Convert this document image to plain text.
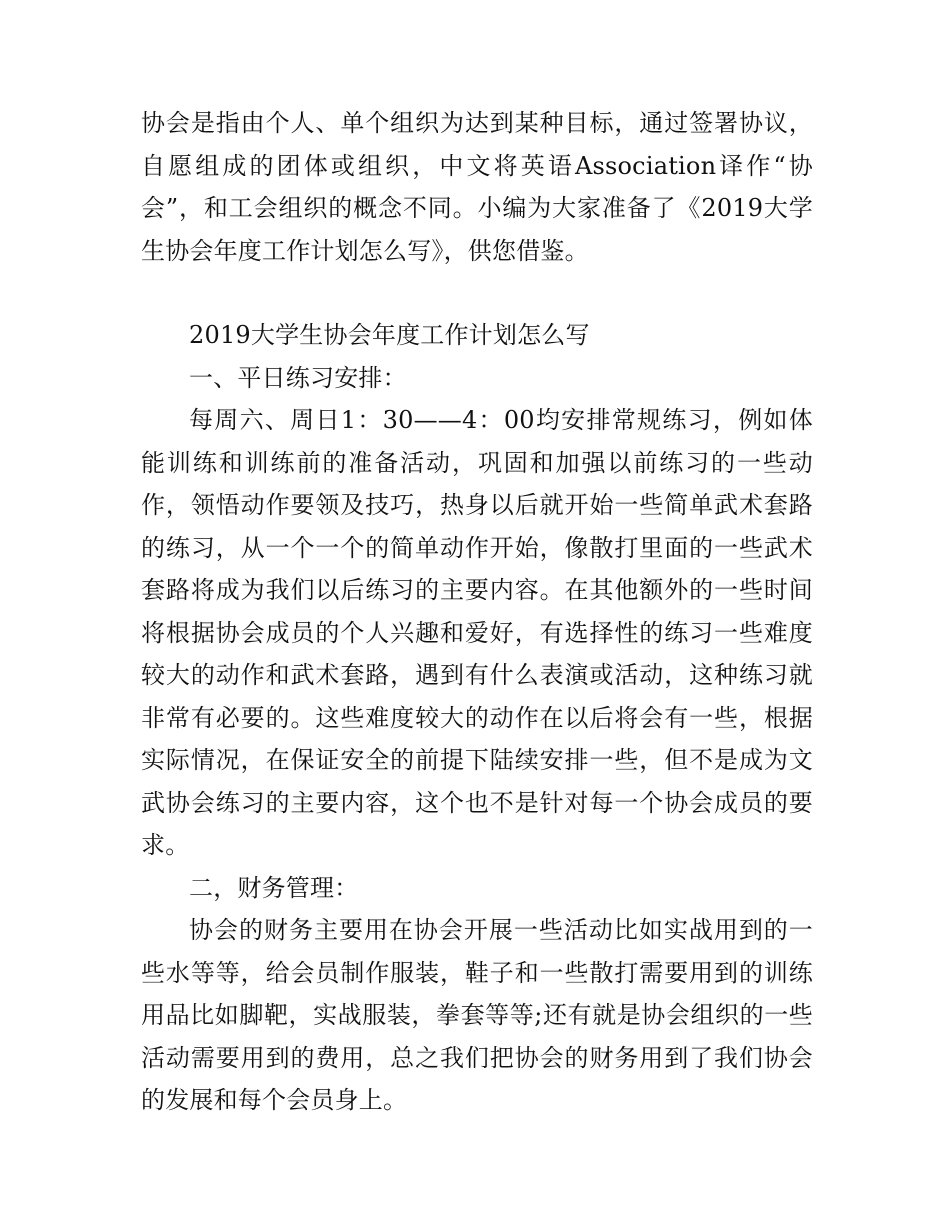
协会是指由个人、单个组织为达到某种目标，通过签署协议，自愿组成的团体或组织，中文将英语Association译作“协会”，和工会组织的概念不同。小编为大家准备了《2019大学生协会年度工作计划怎么写》，供您借鉴。

2019大学生协会年度工作计划怎么写

一、平日练习安排：

每周六、周日1：30——4：00均安排常规练习，例如体能训练和训练前的准备活动，巩固和加强以前练习的一些动作，领悟动作要领及技巧，热身以后就开始一些简单武术套路的练习，从一个一个的简单动作开始，像散打里面的一些武术套路将成为我们以后练习的主要内容。在其他额外的一些时间将根据协会成员的个人兴趣和爱好，有选择性的练习一些难度较大的动作和武术套路，遇到有什么表演或活动，这种练习就非常有必要的。这些难度较大的动作在以后将会有一些，根据实际情况，在保证安全的前提下陆续安排一些，但不是成为文武协会练习的主要内容，这个也不是针对每一个协会成员的要求。

二，财务管理：

协会的财务主要用在协会开展一些活动比如实战用到的一些水等等，给会员制作服装，鞋子和一些散打需要用到的训练用品比如脚靶，实战服装，拳套等等;还有就是协会组织的一些活动需要用到的费用，总之我们把协会的财务用到了我们协会的发展和每个会员身上。
